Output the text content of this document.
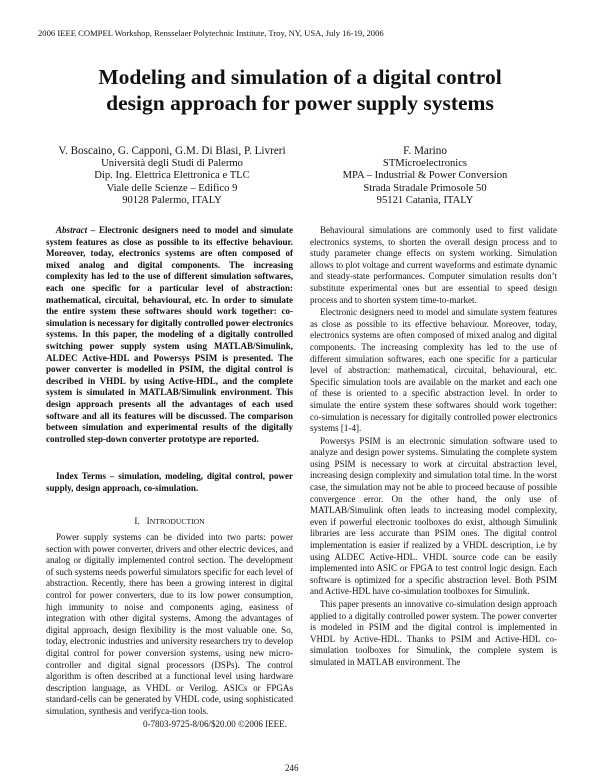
2006 IEEE COMPEL Workshop, Rensselaer Polytechnic Institute, Troy, NY, USA, July 16-19, 2006
Modeling and simulation of a digital control
design approach for power supply systems
V. Boscaino, G. Capponi, G.M. Di Blasi, P. Livreri
Università degli Studi di Palermo
Dip. Ing. Elettrica Elettronica e TLC
Viale delle Scienze – Edifico 9
90128 Palermo, ITALY
F. Marino
STMicroelectronics
MPA – Industrial & Power Conversion
Strada Stradale Primosole 50
95121 Catania, ITALY

Abstract – Electronic designers need to model and simulate system features as close as possible to its effective behaviour. Moreover, today, electronics systems are often composed of mixed analog and digital components. The increasing complexity has led to the use of different simulation softwares, each one specific for a particular level of abstraction: mathematical, circuital, behavioural, etc. In order to simulate the entire system these softwares should work together: co-simulation is necessary for digitally controlled power electronics systems. In this paper, the modeling of a digitally controlled switching power supply system using MATLAB/Simulink, ALDEC Active-HDL and Powersys PSIM is presented. The power converter is modelled in PSIM, the digital control is described in VHDL by using Active-HDL, and the complete system is simulated in MATLAB/Simulink environment. This design approach presents all the advantages of each used software and all its features will be discussed. The comparison between simulation and experimental results of the digitally controlled step-down converter prototype are reported.

Index Terms – simulation, modeling, digital control, power supply, design approach, co-simulation.

I. INTRODUCTION

Power supply systems can be divided into two parts: power section with power converter, drivers and other electric devices, and analog or digitally implemented control section. The development of such systems needs powerful simulators specific for each level of abstraction. Recently, there has been a growing interest in digital control for power converters, due to its low power consumption, high immunity to noise and components aging, easiness of integration with other digital systems. Among the advantages of digital approach, design flexibility is the most valuable one. So, today, electronic industries and university researchers try to develop digital control for power conversion systems, using new micro-controller and digital signal processors (DSPs). The control algorithm is often described at a functional level using hardware description language, as VHDL or Verilog. ASICs or FPGAs standard-cells can be generated by VHDL code, using sophisticated simulation, synthesis and verifyca-tion tools.

Behavioural simulations are commonly used to first validate electronics systems, to shorten the overall design process and to study parameter change effects on system working. Simulation allows to plot voltage and current waveforms and estimate dynamic and steady-state performances. Computer simulation results don’t substitute experimental ones but are essential to speed design process and to shorten system time-to-market.

Electronic designers need to model and simulate system features as close as possible to its effective behaviour. Moreover, today, electronics systems are often composed of mixed analog and digital components. The increasing complexity has led to the use of different simulation softwares, each one specific for a particular level of abstraction: mathematical, circuital, behavioural, etc. Specific simulation tools are available on the market and each one of these is oriented to a specific abstraction level. In order to simulate the entire system these softwares should work together: co-simulation is necessary for digitally controlled power electronics systems [1-4].

Powersys PSIM is an electronic simulation software used to analyze and design power systems. Simulating the complete system using PSIM is necessary to work at circuital abstraction level, increasing design complexity and simulation total time. In the worst case, the simulation may not be able to proceed because of possible convergence error. On the other hand, the only use of MATLAB/Simulink often leads to increasing model complexity, even if powerful electronic toolboxes do exist, although Simulink libraries are less accurate than PSIM ones. The digital control implementation is easier if realized by a VHDL description, i.e by using ALDEC Active-HDL. VHDL source code can be easily implemented into ASIC or FPGA to test control logic design. Each software is optimized for a specific abstraction level. Both PSIM and Active-HDL have co-simulation toolboxes for Simulink.

This paper presents an innovative co-simulation design approach applied to a digitally controlled power system. The power converter is modeled in PSIM and the digital control is implemented in VHDL by Active-HDL. Thanks to PSIM and Active-HDL co-simulation toolboxes for Simulink, the complete system is simulated in MATLAB environment. The

0-7803-9725-8/06/$20.00 ©2006 IEEE.
246
